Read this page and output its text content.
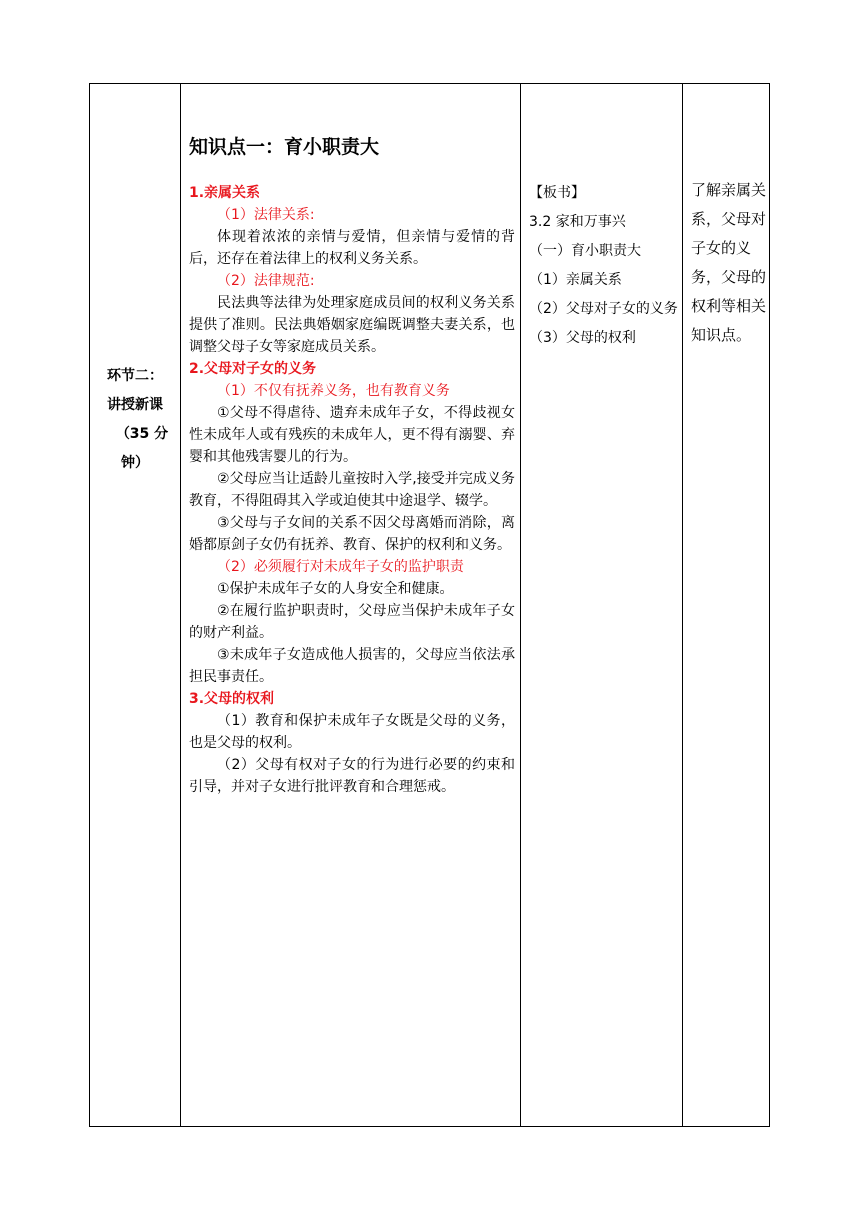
环节二：
讲授新课
（35 分
钟）
知识点一：育小职责大
1.亲属关系
（1）法律关系:
体现着浓浓的亲情与爱情，但亲情与爱情的背后，还存在着法律上的权利义务关系。
（2）法律规范:
民法典等法律为处理家庭成员间的权利义务关系提供了准则。民法典婚姻家庭编既调整夫妻关系，也调整父母子女等家庭成员关系。
2.父母对子女的义务
（1）不仅有抚养义务，也有教育义务
①父母不得虐待、遗弃未成年子女，不得歧视女性未成年人或有残疾的未成年人，更不得有溺婴、弃婴和其他残害婴儿的行为。
②父母应当让适龄儿童按时入学,接受并完成义务教育，不得阻碍其入学或迫使其中途退学、辍学。
③父母与子女间的关系不因父母离婚而消除，离婚都原剑子女仍有抚养、教育、保护的权利和义务。
（2）必须履行对未成年子女的监护职责
①保护未成年子女的人身安全和健康。
②在履行监护职责时，父母应当保护未成年子女的财产利益。
③未成年子女造成他人损害的，父母应当依法承担民事责任。
3.父母的权利
（1）教育和保护未成年子女既是父母的义务， 也是父母的权利。
（2）父母有权对子女的行为进行必要的约束和引导，并对子女进行批评教育和合理惩戒。
【板书】
3.2 家和万事兴
（一）育小职责大
（1）亲属关系
（2）父母对子女的义务
（3）父母的权利
了解亲属关系，父母对子女的义务，父母的权利等相关知识点。
